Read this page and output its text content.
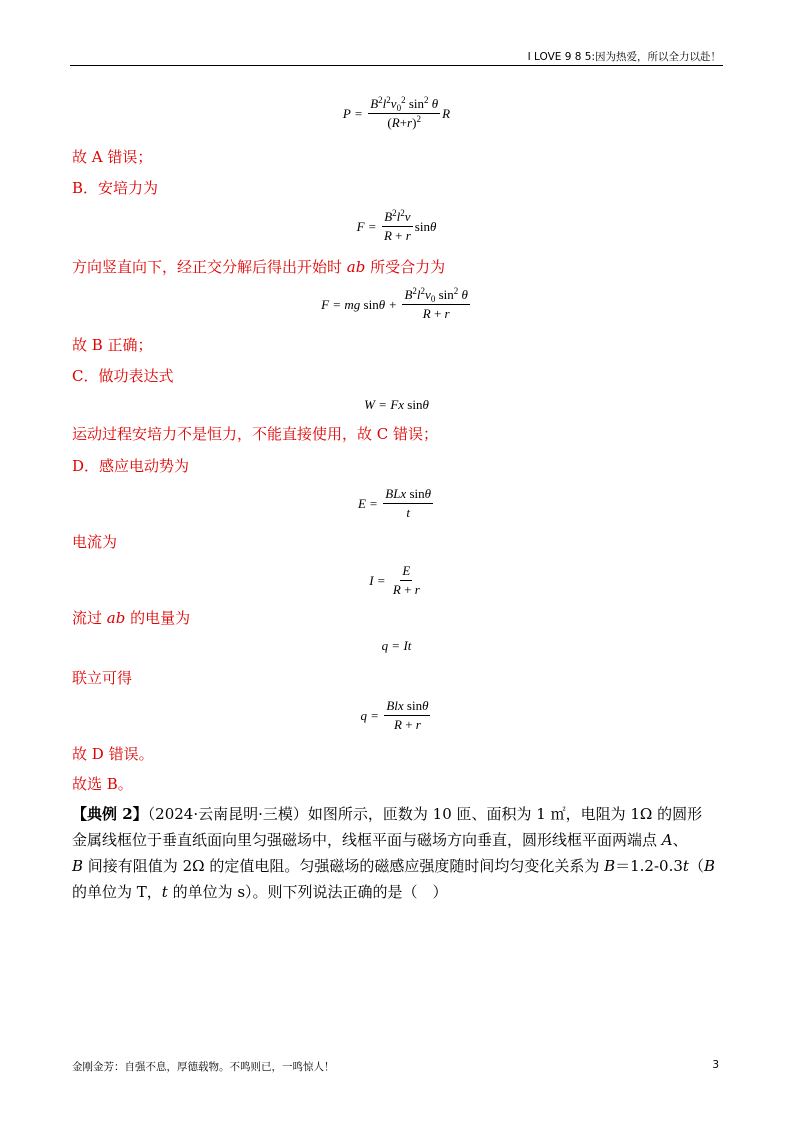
I LOVE 9 8 5:因为热爱，所以全力以赴！
$P = \frac{B^2l^2v_0^2 \sin^2 \theta}{(R+r)^2}$ R
故 A 错误；
B．安培力为
$F = \frac{B^2l^2v}{R + r}$ sin θ
方向竖直向下，经正交分解后得出开始时 ab 所受合力为
F = mg $\sin \theta + \frac{B^2l^2v_0 \sin^2 \theta}{R + r}$
故 B 正确；
C．做功表达式
W = Fx sin θ
运动过程安培力不是恒力，不能直接使用，故 C 错误；
D．感应电动势为
$E = \frac{\text{BLx sinθ}}{t}$
电流为
$I = \frac{E}{R + r}$
流过 ab 的电量为
q = It
联立可得
$q = \frac{\text{Blx sinθ}}{R + r}$
故 D 错误。
故选 B。
【典例 2】（2024·云南昆明·三模）如图所示，匝数为 10 匝、面积为 1 ㎡，电阻为 1Ω 的圆形
金属线框位于垂直纸面向里匀强磁场中，线框平面与磁场方向垂直，圆形线框平面两端点 A、
B 间接有阻值为 2Ω 的定值电阻。匀强磁场的磁感应强度随时间均匀变化关系为 B＝1.2-0.3t（B
的单位为 T，t 的单位为 s）。则下列说法正确的是（　）
金刚金芳：自强不息，厚德载物。不鸣则已，一鸣惊人！	3
